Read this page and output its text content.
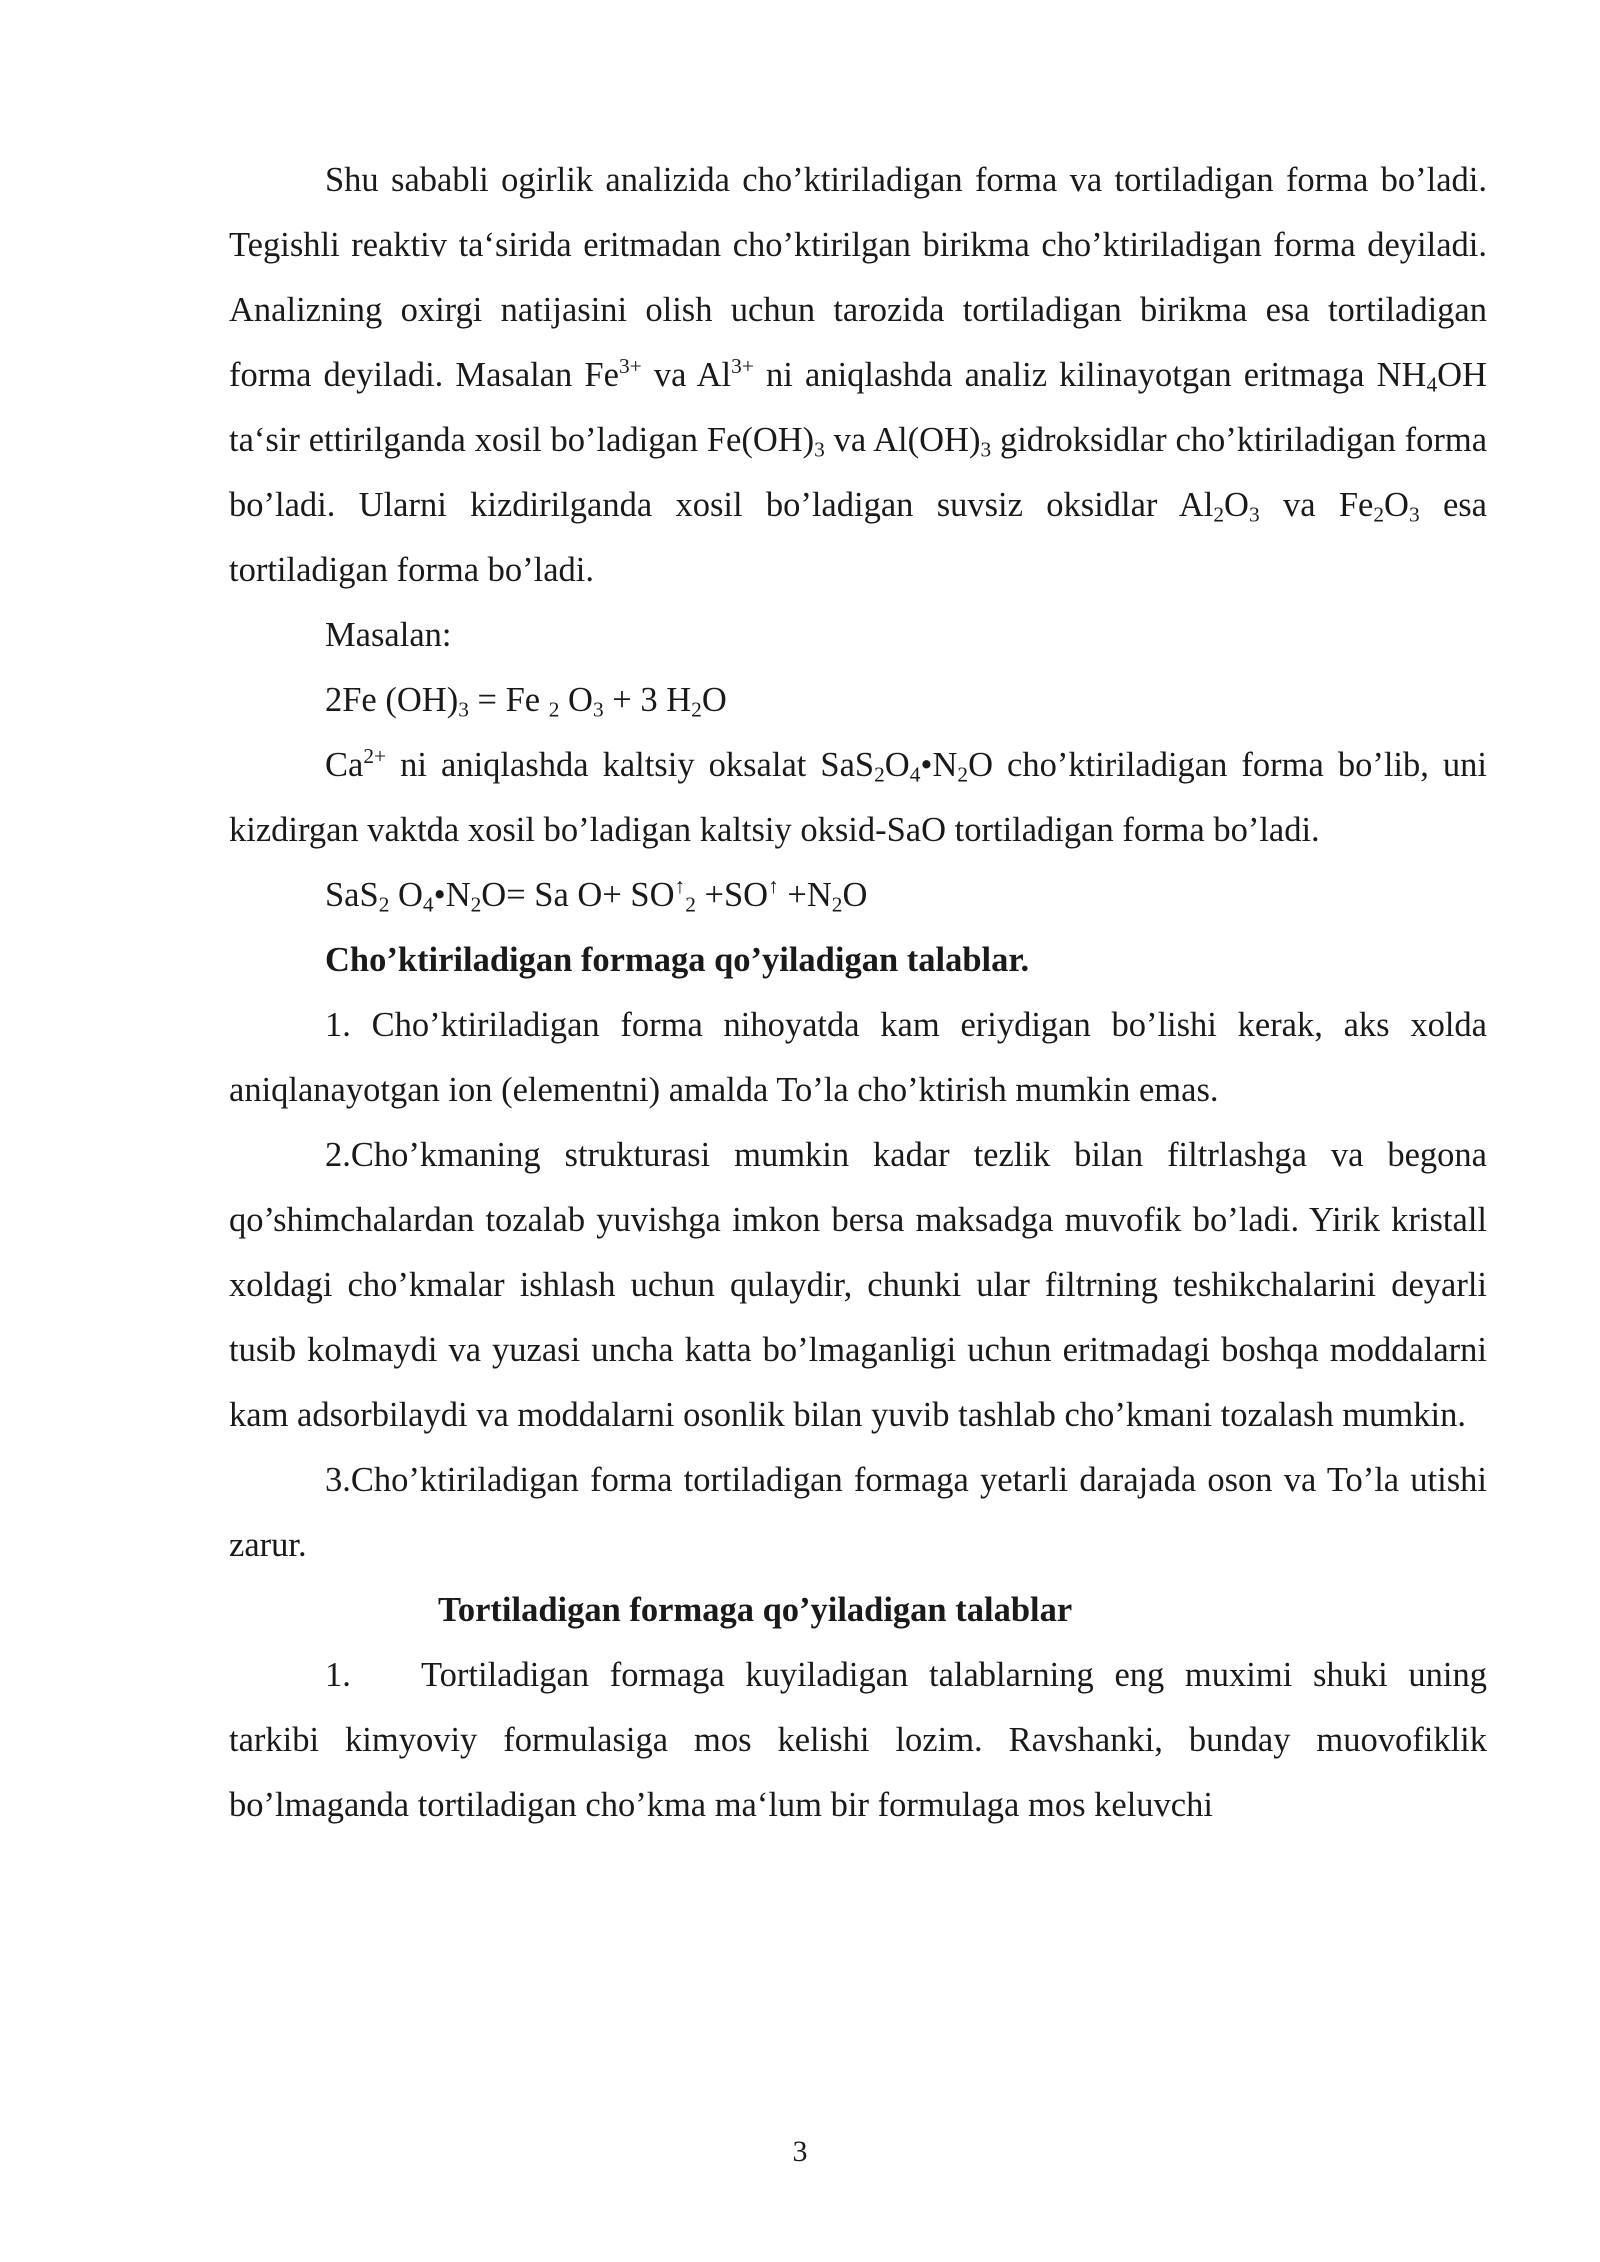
Shu sababli ogirlik analizida cho’ktiriladigan forma va tortiladigan forma bo’ladi. Tegishli reaktiv ta‘sirida eritmadan cho’ktirilgan birikma cho’ktiriladigan forma deyiladi. Analizning oxirgi natijasini olish uchun tarozida tortiladigan birikma esa tortiladigan forma deyiladi. Masalan $Fe^{3+}$ va $Al^{3+}$ ni aniqlashda analiz kilinayotgan eritmaga $NH_4OH$ ta‘sir ettirilganda xosil bo’ladigan $Fe(OH)_3$ va $Al(OH)_3$ gidroksidlar cho’ktiriladigan forma bo’ladi. Ularni kizdirilganda xosil bo’ladigan suvsiz oksidlar $Al_2O_3$ va $Fe_2O_3$ esa tortiladigan forma bo’ladi.

Masalan:

2Fe $(OH)_3 = Fe$ $_2$ $O_3 + 3$ $H_2O$

$Ca^{2+}$ ni aniqlashda kaltsiy oksalat $SaS_2O_4•N_2O$ cho’ktiriladigan forma bo’lib, uni kizdirgan vaktda xosil bo’ladigan kaltsiy oksid-SaO tortiladigan forma bo’ladi.

SaS$_2$ $O_4•N_2O= Sa$ $O+ SO^↑_2 +SO^↑ +N_2O$

Cho’ktiriladigan formaga qo’yiladigan talablar.

1. Cho’ktiriladigan forma nihoyatda kam eriydigan bo’lishi kerak, aks xolda aniqlanayotgan ion (elementni) amalda To’la cho’ktirish mumkin emas.

2.Cho’kmaning strukturasi mumkin kadar tezlik bilan filtrlashga va begona qo’shimchalardan tozalab yuvishga imkon bersa maksadga muvofik bo’ladi. Yirik kristall xoldagi cho’kmalar ishlash uchun qulaydir, chunki ular filtrning teshikchalarini deyarli tusib kolmaydi va yuzasi uncha katta bo’lmaganligi uchun eritmadagi boshqa moddalarni kam adsorbilaydi va moddalarni osonlik bilan yuvib tashlab cho’kmani tozalash mumkin.

3.Cho’ktiriladigan forma tortiladigan formaga yetarli darajada oson va To’la utishi zarur.

Tortiladigan formaga qo’yiladigan talablar

1. Tortiladigan formaga kuyiladigan talablarning eng muximi shuki uning tarkibi kimyoviy formulasiga mos kelishi lozim. Ravshanki, bunday muovofiklik bo’lmaganda tortiladigan cho’kma ma‘lum bir formulaga mos keluvchi

3
